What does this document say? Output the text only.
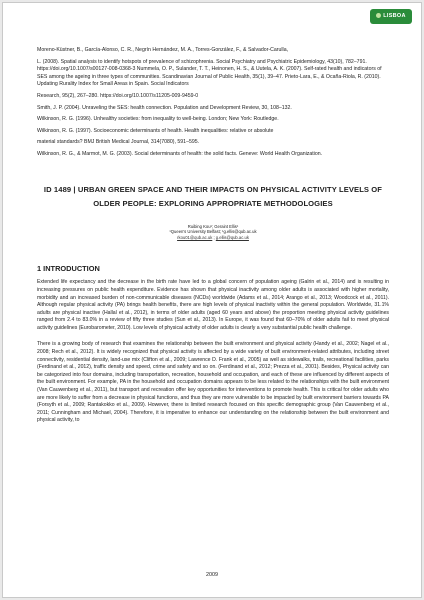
LISBOA

Moreno-Küstner, B., García-Alonso, C. R., Negrín Hernández, M. A., Torres-González, F., & Salvador-Carulla,

L. (2008). Spatial analysis to identify hotspots of prevalence of schizophrenia. Social Psychiatry and Psychiatric Epidemiology, 43(10), 782–791. https://doi.org/10.1007/s00127-008-0368-3 Nummela, O. P., Sulander, T. T., Heinonen, H. S., & Uutela, A. K. (2007). Self-rated health and indicators of SES among the ageing in three types of communities. Scandinavian Journal of Public Health, 35(1), 39–47. Prieto-Lara, E., & Ocaña-Riola, R. (2010). Updating Rurality Index for Small Areas in Spain. Social Indicators

Research, 95(2), 267–280. https://doi.org/10.1007/s11205-009-9459-0

Smith, J. P. (2004). Unraveling the SES: health connection. Population and Development Review, 30, 108–132.

Wilkinson, R. G. (1996). Unhealthy societies: from inequality to well-being. London; New York: Routledge.

Wilkinson, R. G. (1997). Socioeconomic determinants of health. Health inequalities: relative or absolute

material standards? BMJ British Medical Journal, 314(7080), 591–595.

Wilkinson, R. G., & Marmot, M. G. (2003). Social determinants of health: the solid facts. Geneve: World Health Organization.

ID 1489 | URBAN GREEN SPACE AND THEIR IMPACTS ON PHYSICAL ACTIVITY LEVELS OF OLDER PEOPLE: EXPLORING APPROPRIATE METHODOLOGIES
Ruibing Kou¹; Geraint Ellis¹
¹Queen's University Belfast; ¹g.ellis@qub.ac.uk
rkou01@qub.ac.uk ; g.ellis@qub.ac.uk
1 INTRODUCTION

Extended life expectancy and the decrease in the birth rate have led to a global concern of population ageing (Galrin et al., 2014) and is resulting in increasing pressures on public health expenditure. Evidence has shown that physical inactivity among older adults is associated with higher mortality, morbidity and an increased burden of non-communicable diseases (NCDs) worldwide (Adams et al., 2014; Arango et al., 2013; Woodcock et al., 2011). Although regular physical activity (PA) brings health benefits, there are high levels of physical inactivity within the general population. Worldwide, 31.1% adults are physical inactive (Hallal et al., 2012), in terms of older adults (aged 60 years and above) the proportion meeting physical activity guidelines ranged from 2.4 to 83.0% in a review of fifty three studies (Sun et al., 2013). In Europe, it was found that 60–70% of older adults fail to meet physical activity guidelines (Eurobarometer, 2010). Low levels of physical activity of older adults is clearly a very substantial public health challenge.

There is a growing body of research that examines the relationship between the built environment and physical activity (Handy et al., 2002; Nagel et al., 2008; Rech et al., 2012). It is widely recognized that physical activity is affected by a wide variety of built environment-related attributes, including street connectivity, residential density, land-use mix (Clifton et al., 2009; Lawrence D. Frank et al., 2005) as well as sidewalks, trails, recreational facilities, parks (Ferdinand et al., 2012), traffic density and speed, crime and safety and so on. (Ferdinand et al., 2012; Prezza et al., 2001). Besides, Physical activity can be categorized into four domains, including transportation, recreation, household and occupation, and each of these are influenced by different aspects of the built environment. For example, PA in the household and occupation domains appears to be less related to the relationships with the built environment (Van Cauwenberg et al., 2011), but transport and recreation offer key opportunities for interventions to promote health. This is critical for older adults who are more likely to suffer from a decrease in physical functions, and thus they are more vulnerable to be impacted by built environment barriers towards PA (Forsyth et al., 2009; Rantakokko et al., 2009). However, there is limited research focused on this specific demographic group (Van Cauwenberg et al., 2011; Cunningham and Michael, 2004). Therefore, it is imperative to enhance our understanding on the relationship between the built environment and physical activity, to

2009
